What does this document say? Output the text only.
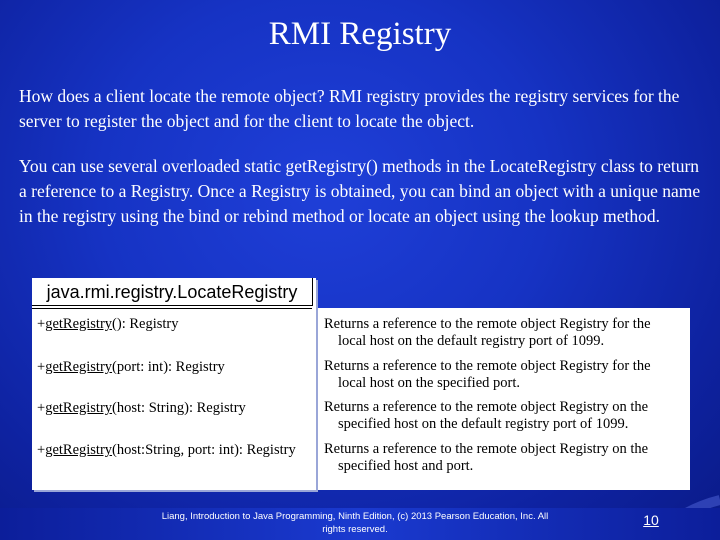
RMI Registry
How does a client locate the remote object? RMI registry provides the registry services for the server to register the object and for the client to locate the object.
You can use several overloaded static getRegistry() methods in the LocateRegistry class to return a reference to a Registry. Once a Registry is obtained, you can bind an object with a unique name in the registry using the bind or rebind method or locate an object using the lookup method.
java.rmi.registry.LocateRegistry
+getRegistry(): Registry
+getRegistry(port: int): Registry
+getRegistry(host: String): Registry
+getRegistry(host:String, port: int): Registry
Returns a reference to the remote object Registry for the
local host on the default registry port of 1099.
Returns a reference to the remote object Registry for the
local host on the specified port.
Returns a reference to the remote object Registry on the
specified host on the default registry port of 1099.
Returns a reference to the remote object Registry on the
specified host and port.
Liang, Introduction to Java Programming, Ninth Edition, (c) 2013 Pearson Education, Inc. All
rights reserved.
10
